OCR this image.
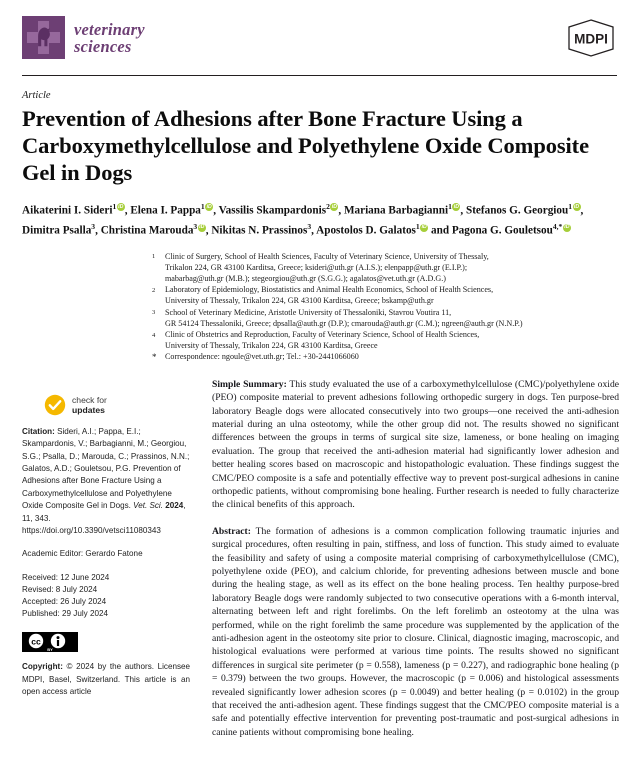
veterinary
sciences	MDPI
Article
Prevention of Adhesions after Bone Fracture Using a Carboxymethylcellulose and Polyethylene Oxide Composite Gel in Dogs
Aikaterini I. Sideri$^1$ iD , Elena I. Pappa$^1$ iD , Vassilis Skampardonis$^2$ iD , Mariana Barbagianni$^1$ iD , Stefanos G. Georgiou$^1$ iD , Dimitra Psalla$^3$, Christina Marouda$^3$ iD , Nikitas N. Prassinos$^3$, Apostolos D. Galatos$^1$ iD and Pagona G. Gouletsou$^{4,*}$iD
1	Clinic of Surgery, School of Health Sciences, Faculty of Veterinary Science, University of Thessaly,
Trikalon 224, GR 43100 Karditsa, Greece; ksideri@uth.gr (A.I.S.); elenpapp@uth.gr (E.I.P.);
mabarbag@uth.gr (M.B.); stegeorgiou@uth.gr (S.G.G.); agalatos@vet.uth.gr (A.D.G.)
2	Laboratory of Epidemiology, Biostatistics and Animal Health Economics, School of Health Sciences,
University of Thessaly, Trikalon 224, GR 43100 Karditsa, Greece; bskamp@uth.gr
3	School of Veterinary Medicine, Aristotle University of Thessaloniki, Stavrou Voutira 11,
GR 54124 Thessaloniki, Greece; dpsalla@auth.gr (D.P.); cmarouda@auth.gr (C.M.); ngreen@auth.gr (N.N.P.)
4	Clinic of Obstetrics and Reproduction, Faculty of Veterinary Science, School of Health Sciences,
University of Thessaly, Trikalon 224, GR 43100 Karditsa, Greece
*	Correspondence: ngoule@vet.uth.gr; Tel.: +30-2441066060
check for
updates
Citation: Sideri, A.I.; Pappa, E.I.; Skampardonis, V.; Barbagianni, M.; Georgiou, S.G.; Psalla, D.; Marouda, C.; Prassinos, N.N.; Galatos, A.D.; Gouletsou, P.G. Prevention of Adhesions after Bone Fracture Using a Carboxymethylcellulose and Polyethylene Oxide Composite Gel in Dogs. Vet. Sci. 2024, 11, 343. https://doi.org/10.3390/vetsci11080343
Academic Editor: Gerardo Fatone
Received: 12 June 2024
Revised: 8 July 2024
Accepted: 26 July 2024
Published: 29 July 2024
cc
BY
Copyright: © 2024 by the authors. Licensee MDPI, Basel, Switzerland. This article is an open access article
Simple Summary: This study evaluated the use of a carboxymethylcellulose (CMC)/polyethylene oxide (PEO) composite material to prevent adhesions following orthopedic surgery in dogs. Ten purpose-bred laboratory Beagle dogs were allocated consecutively into two groups—one received the anti-adhesion material during an ulna osteotomy, while the other group did not. The results showed no significant differences between the groups in terms of surgical site size, lameness, or bone healing on imaging evaluation. The group that received the anti-adhesion material had significantly lower adhesion and better healing scores based on macroscopic and histopathologic evaluation. These findings suggest the CMC/PEO composite is a safe and potentially effective way to prevent post-surgical adhesions in canine orthopedic patients, without compromising bone healing. Further research is needed to fully characterize the clinical benefits of this approach.
Abstract: The formation of adhesions is a common complication following traumatic injuries and surgical procedures, often resulting in pain, stiffness, and loss of function. This study aimed to evaluate the feasibility and safety of using a composite material comprising of carboxymethylcellulose (CMC), polyethylene oxide (PEO), and calcium chloride, for preventing adhesions between muscle and bone during the healing stage, as well as its effect on the bone healing process. Ten healthy purpose-bred laboratory Beagle dogs were randomly subjected to two consecutive operations with a 6-month interval, alternating between left and right forelimbs. On the left forelimb an osteotomy at the ulna was performed, while on the right forelimb the same procedure was supplemented by the application of the anti-adhesion agent in the osteotomy site prior to closure. Clinical, diagnostic imaging, macroscopic, and histological evaluations were performed at various time points. The results showed no significant differences in surgical site perimeter (p = 0.558), lameness (p = 0.227), and radiographic bone healing (p = 0.379) between the two groups. However, the macroscopic (p = 0.006) and histological assessments revealed significantly lower adhesion scores (p = 0.0049) and better healing (p = 0.0102) in the group that received the anti-adhesion agent. These findings suggest that the CMC/PEO composite material is a safe and potentially effective intervention for preventing post-traumatic and post-surgical adhesions in canine patients without compromising bone healing.
